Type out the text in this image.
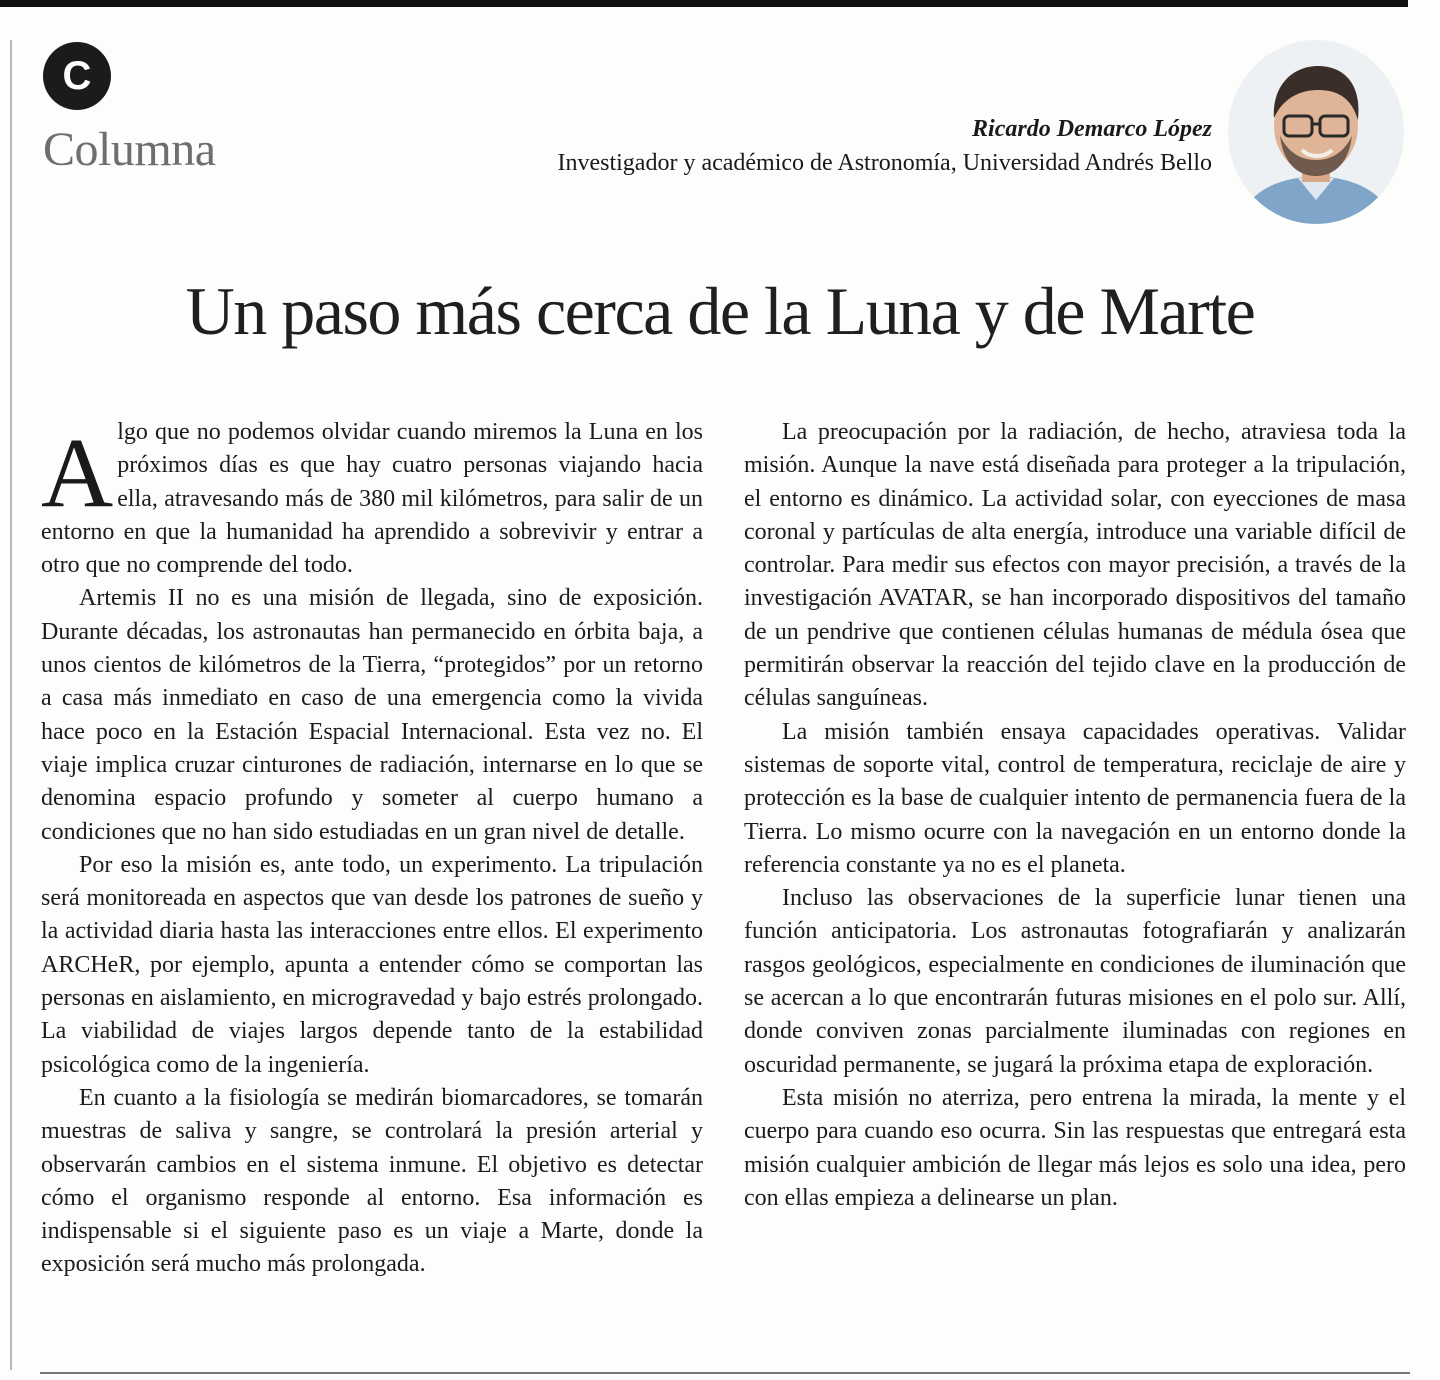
C
Columna	Ricardo Demarco López
Investigador y académico de Astronomía, Universidad Andrés Bello
Un paso más cerca de la Luna y de Marte

Algo que no podemos olvidar cuando miremos la Luna en los próximos días es que hay cuatro personas viajando hacia ella, atravesando más de 380 mil kilómetros, para salir de un entorno en que la humanidad ha aprendido a sobrevivir y entrar a otro que no comprende del todo.

Artemis II no es una misión de llegada, sino de exposición. Durante décadas, los astronautas han permanecido en órbita baja, a unos cientos de kilómetros de la Tierra, “protegidos” por un retorno a casa más inmediato en caso de una emergencia como la vivida hace poco en la Estación Espacial Internacional. Esta vez no. El viaje implica cruzar cinturones de radiación, internarse en lo que se denomina espacio profundo y someter al cuerpo humano a condiciones que no han sido estudiadas en un gran nivel de detalle.

Por eso la misión es, ante todo, un experimento. La tripulación será monitoreada en aspectos que van desde los patrones de sueño y la actividad diaria hasta las interacciones entre ellos. El experimento ARCHeR, por ejemplo, apunta a entender cómo se comportan las personas en aislamiento, en microgravedad y bajo estrés prolongado. La viabilidad de viajes largos depende tanto de la estabilidad psicológica como de la ingeniería.

En cuanto a la fisiología se medirán biomarcadores, se tomarán muestras de saliva y sangre, se controlará la presión arterial y observarán cambios en el sistema inmune. El objetivo es detectar cómo el organismo responde al entorno. Esa información es indispensable si el siguiente paso es un viaje a Marte, donde la exposición será mucho más prolongada.

La preocupación por la radiación, de hecho, atraviesa toda la misión. Aunque la nave está diseñada para proteger a la tripulación, el entorno es dinámico. La actividad solar, con eyecciones de masa coronal y partículas de alta energía, introduce una variable difícil de controlar. Para medir sus efectos con mayor precisión, a través de la investigación AVATAR, se han incorporado dispositivos del tamaño de un pendrive que contienen células humanas de médula ósea que permitirán observar la reacción del tejido clave en la producción de células sanguíneas.

La misión también ensaya capacidades operativas. Validar sistemas de soporte vital, control de temperatura, reciclaje de aire y protección es la base de cualquier intento de permanencia fuera de la Tierra. Lo mismo ocurre con la navegación en un entorno donde la referencia constante ya no es el planeta.

Incluso las observaciones de la superficie lunar tienen una función anticipatoria. Los astronautas fotografiarán y analizarán rasgos geológicos, especialmente en condiciones de iluminación que se acercan a lo que encontrarán futuras misiones en el polo sur. Allí, donde conviven zonas parcialmente iluminadas con regiones en oscuridad permanente, se jugará la próxima etapa de exploración.

Esta misión no aterriza, pero entrena la mirada, la mente y el cuerpo para cuando eso ocurra. Sin las respuestas que entregará esta misión cualquier ambición de llegar más lejos es solo una idea, pero con ellas empieza a delinearse un plan.
